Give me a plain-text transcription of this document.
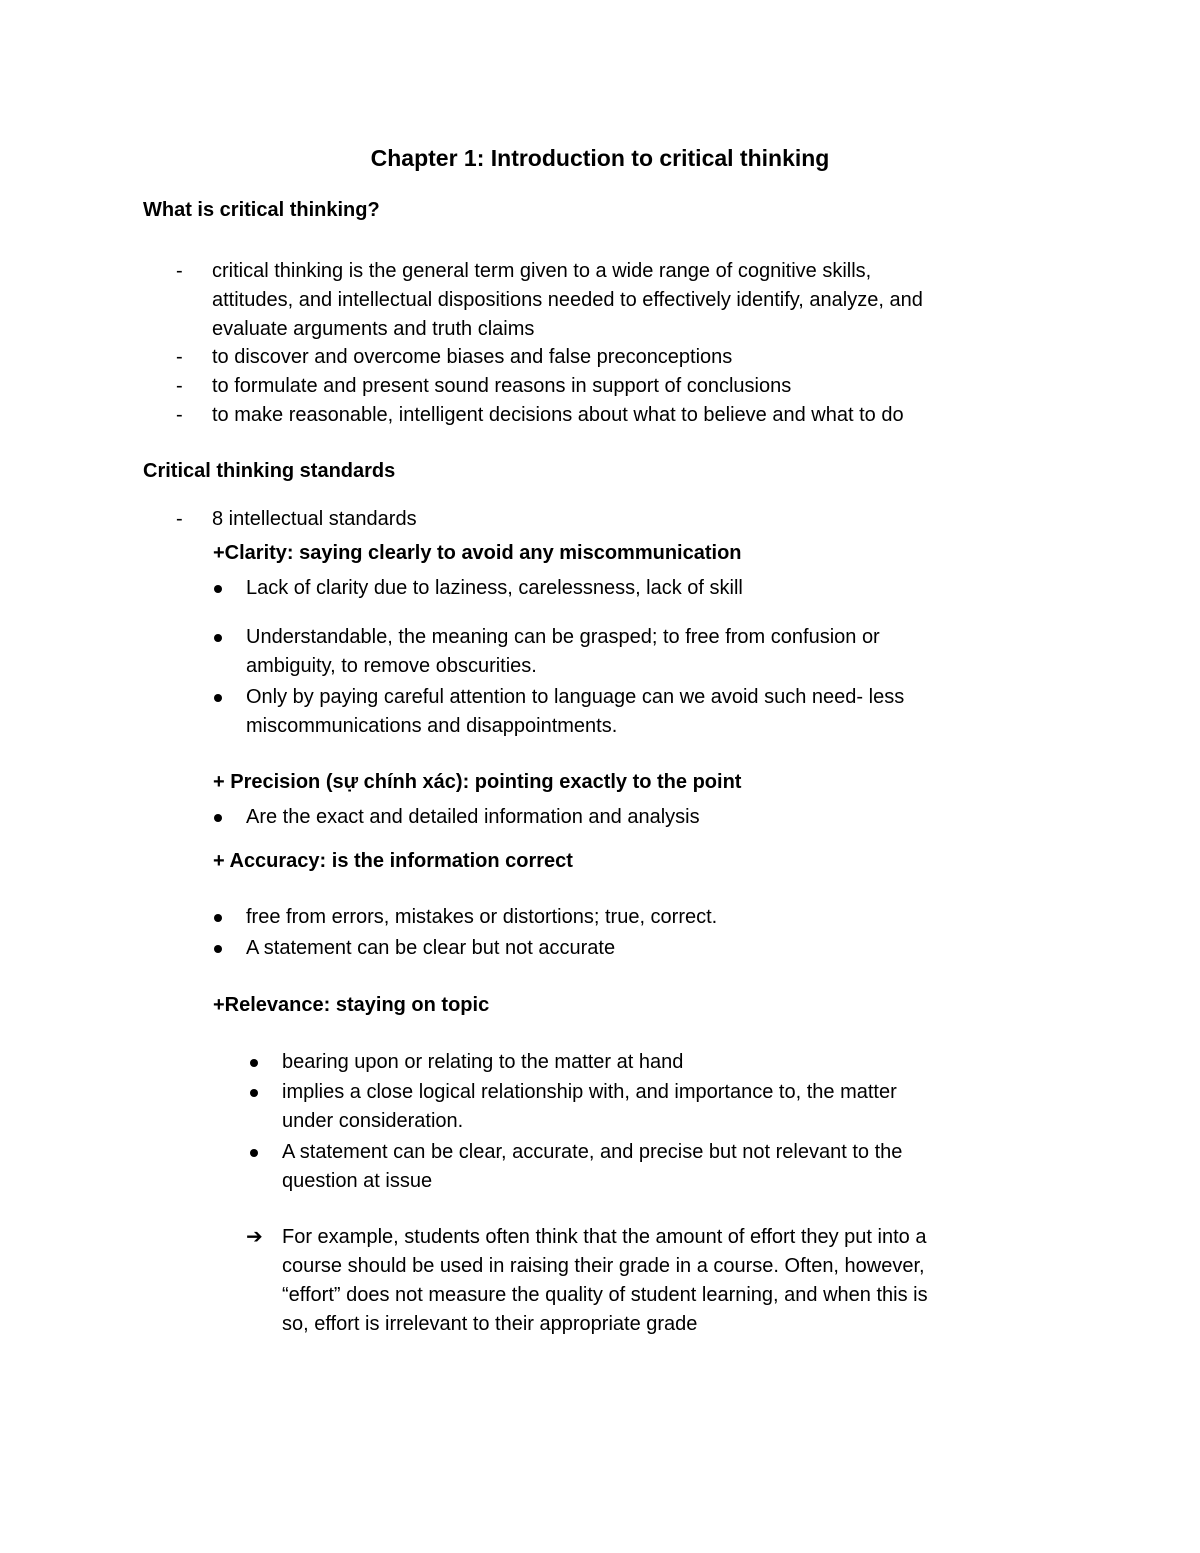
Chapter 1: Introduction to critical thinking
What is critical thinking?
- critical thinking is the general term given to a wide range of cognitive skills,
attitudes, and intellectual dispositions needed to effectively identify, analyze, and
evaluate arguments and truth claims
- to discover and overcome biases and false preconceptions
- to formulate and present sound reasons in support of conclusions
- to make reasonable, intelligent decisions about what to believe and what to do
Critical thinking standards
- 8 intellectual standards
+Clarity: saying clearly to avoid any miscommunication
Lack of clarity due to laziness, carelessness, lack of skill
Understandable, the meaning can be grasped; to free from confusion or
ambiguity, to remove obscurities.
Only by paying careful attention to language can we avoid such need- less
miscommunications and disappointments.
+ Precision (sự chính xác): pointing exactly to the point
Are the exact and detailed information and analysis
+ Accuracy: is the information correct
free from errors, mistakes or distortions; true, correct.
A statement can be clear but not accurate
+Relevance: staying on topic
bearing upon or relating to the matter at hand
implies a close logical relationship with, and importance to, the matter
under consideration.
A statement can be clear, accurate, and precise but not relevant to the
question at issue
➔ For example, students often think that the amount of effort they put into a
course should be used in raising their grade in a course. Often, however,
“effort” does not measure the quality of student learning, and when this is
so, effort is irrelevant to their appropriate grade
